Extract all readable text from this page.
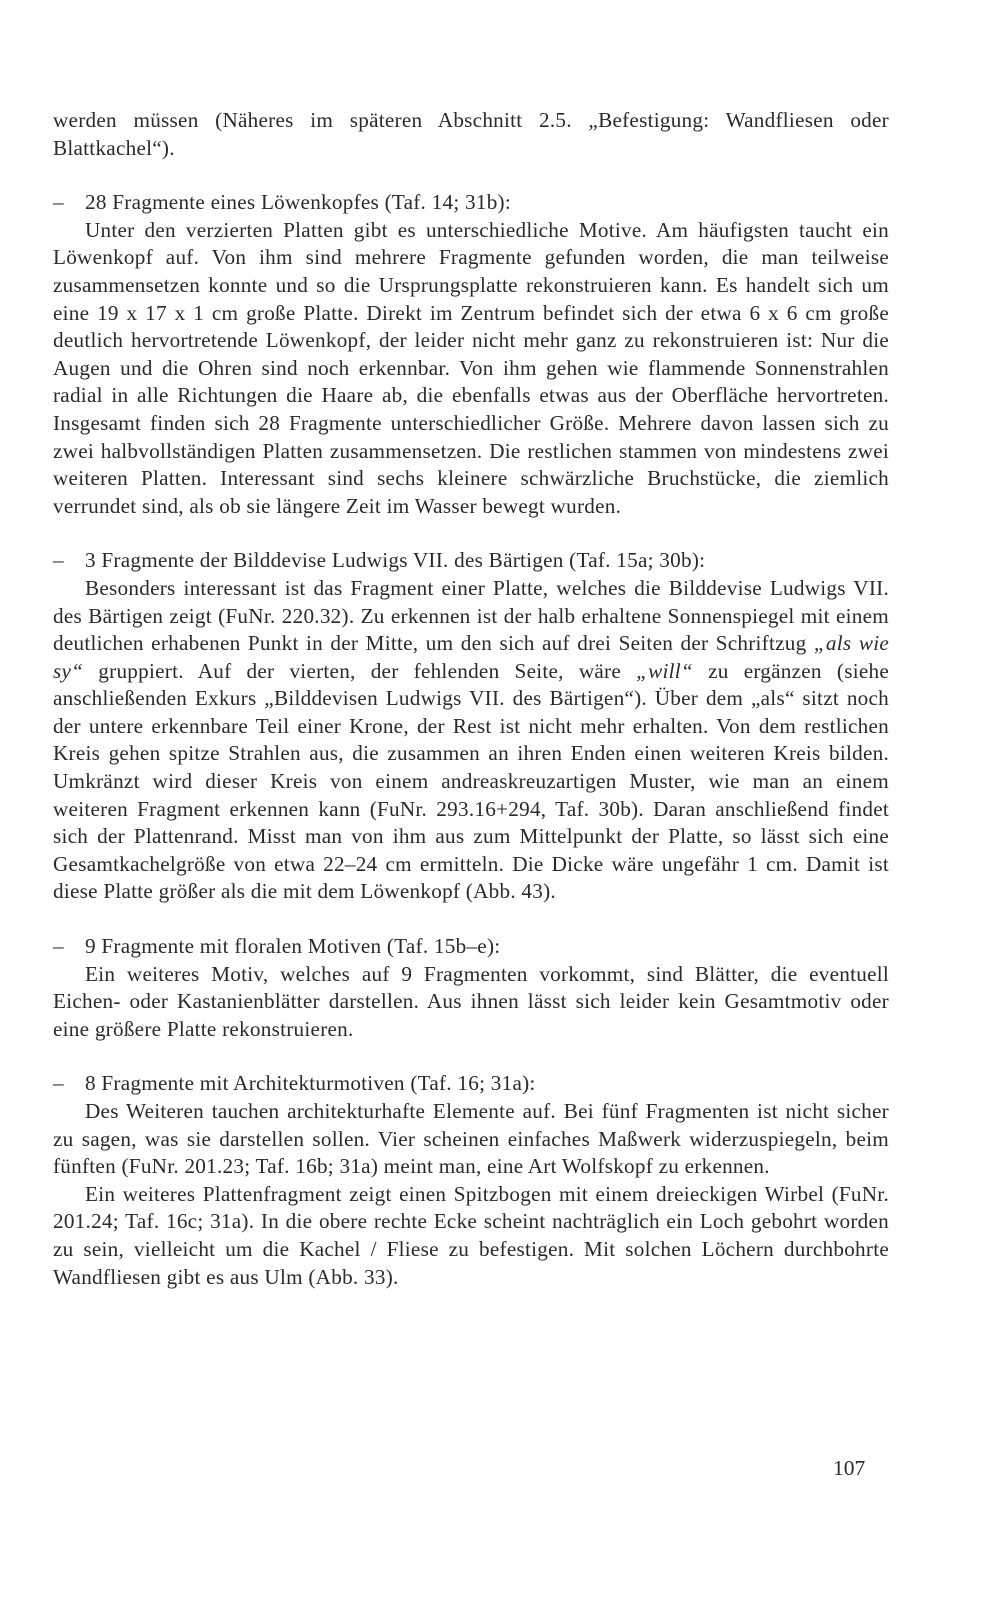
werden müssen (Näheres im späteren Abschnitt 2.5. „Befestigung: Wandfliesen oder Blattkachel“).

– 28 Fragmente eines Löwenkopfes (Taf. 14; 31b):

Unter den verzierten Platten gibt es unterschiedliche Motive. Am häufigsten taucht ein Löwenkopf auf. Von ihm sind mehrere Fragmente gefunden worden, die man teilweise zusammensetzen konnte und so die Ursprungsplatte rekonstruieren kann. Es handelt sich um eine 19 x 17 x 1 cm große Platte. Direkt im Zentrum befindet sich der etwa 6 x 6 cm große deutlich hervortretende Löwenkopf, der leider nicht mehr ganz zu rekonstruieren ist: Nur die Augen und die Ohren sind noch erkennbar. Von ihm gehen wie flammende Sonnenstrahlen radial in alle Richtungen die Haare ab, die ebenfalls etwas aus der Oberfläche hervortreten. Insgesamt finden sich 28 Fragmente unterschiedlicher Größe. Mehrere davon lassen sich zu zwei halbvollständigen Platten zusammensetzen. Die restlichen stammen von mindestens zwei weiteren Platten. Interessant sind sechs kleinere schwärzliche Bruchstücke, die ziemlich verrundet sind, als ob sie längere Zeit im Wasser bewegt wurden.

– 3 Fragmente der Bilddevise Ludwigs VII. des Bärtigen (Taf. 15a; 30b):

Besonders interessant ist das Fragment einer Platte, welches die Bilddevise Ludwigs VII. des Bärtigen zeigt (FuNr. 220.32). Zu erkennen ist der halb erhaltene Sonnenspiegel mit einem deutlichen erhabenen Punkt in der Mitte, um den sich auf drei Seiten der Schriftzug „als wie sy“ gruppiert. Auf der vierten, der fehlenden Seite, wäre „will“ zu ergänzen (siehe anschließenden Exkurs „Bilddevisen Ludwigs VII. des Bärtigen“). Über dem „als“ sitzt noch der untere erkennbare Teil einer Krone, der Rest ist nicht mehr erhalten. Von dem restlichen Kreis gehen spitze Strahlen aus, die zusammen an ihren Enden einen weiteren Kreis bilden. Umkränzt wird dieser Kreis von einem andreaskreuzartigen Muster, wie man an einem weiteren Fragment erkennen kann (FuNr. 293.16+294, Taf. 30b). Daran anschließend findet sich der Plattenrand. Misst man von ihm aus zum Mittelpunkt der Platte, so lässt sich eine Gesamtkachelgröße von etwa 22–24 cm ermitteln. Die Dicke wäre ungefähr 1 cm. Damit ist diese Platte größer als die mit dem Löwenkopf (Abb. 43).

– 9 Fragmente mit floralen Motiven (Taf. 15b–e):

Ein weiteres Motiv, welches auf 9 Fragmenten vorkommt, sind Blätter, die eventuell Eichen- oder Kastanienblätter darstellen. Aus ihnen lässt sich leider kein Gesamtmotiv oder eine größere Platte rekonstruieren.

– 8 Fragmente mit Architekturmotiven (Taf. 16; 31a):

Des Weiteren tauchen architekturhafte Elemente auf. Bei fünf Fragmenten ist nicht sicher zu sagen, was sie darstellen sollen. Vier scheinen einfaches Maßwerk widerzuspiegeln, beim fünften (FuNr. 201.23; Taf. 16b; 31a) meint man, eine Art Wolfskopf zu erkennen.

Ein weiteres Plattenfragment zeigt einen Spitzbogen mit einem dreieckigen Wirbel (FuNr. 201.24; Taf. 16c; 31a). In die obere rechte Ecke scheint nachträglich ein Loch gebohrt worden zu sein, vielleicht um die Kachel / Fliese zu befestigen. Mit solchen Löchern durchbohrte Wandfliesen gibt es aus Ulm (Abb. 33).

107
